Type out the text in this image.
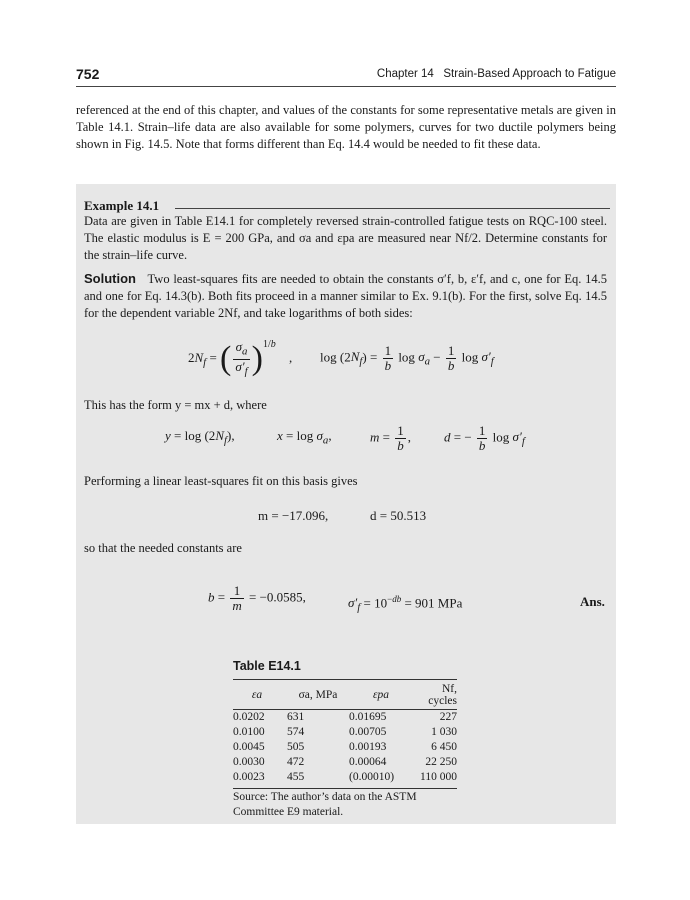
752	Chapter 14 Strain-Based Approach to Fatigue
referenced at the end of this chapter, and values of the constants for some representative metals are given in Table 14.1. Strain–life data are also available for some polymers, curves for two ductile polymers being shown in Fig. 14.5. Note that forms different than Eq. 14.4 would be needed to fit these data.
Example 14.1
Data are given in Table E14.1 for completely reversed strain-controlled fatigue tests on RQC-100 steel. The elastic modulus is E = 200 GPa, and σa and εpa are measured near Nf/2. Determine constants for the strain–life curve.
Solution Two least-squares fits are needed to obtain the constants σ′f, b, ε′f, and c, one for Eq. 14.5 and one for Eq. 14.3(b). Both fits proceed in a manner similar to Ex. 9.1(b). For the first, solve Eq. 14.5 for the dependent variable 2Nf, and take logarithms of both sides:
$2N_f$ = ( $\frac{\sigma_a}{\sigma'_f} )^{1/b}$ , $\log (2N_f) = \frac{1}{b}$ $\log \sigma_a - \frac{1}{b}$ $\log \sigma'_f$
This has the form y = mx + d, where
$y = \log (2N_f)$,	$x = \log \sigma_a$,	$m = \frac{1}{b}$ ,	d = − $\frac{1}{b}$ $\log \sigma'_f$
Performing a linear least-squares fit on this basis gives
m = −17.096,	d = 50.513
so that the needed constants are
$b = \frac{1}{m} = -0.0585$,	$\sigma'_f = 10^{-db} = 901$ MPa	Ans.
Table E14.1
εa	σa, MPa	εpa	Nf, cycles
0.0202	631	0.01695	227
0.0100	574	0.00705	1 030
0.0045	505	0.00193	6 450
0.0030	472	0.00064	22 250
0.0023	455	(0.00010)	110 000
Source: The author’s data on the ASTM Committee E9 material.
